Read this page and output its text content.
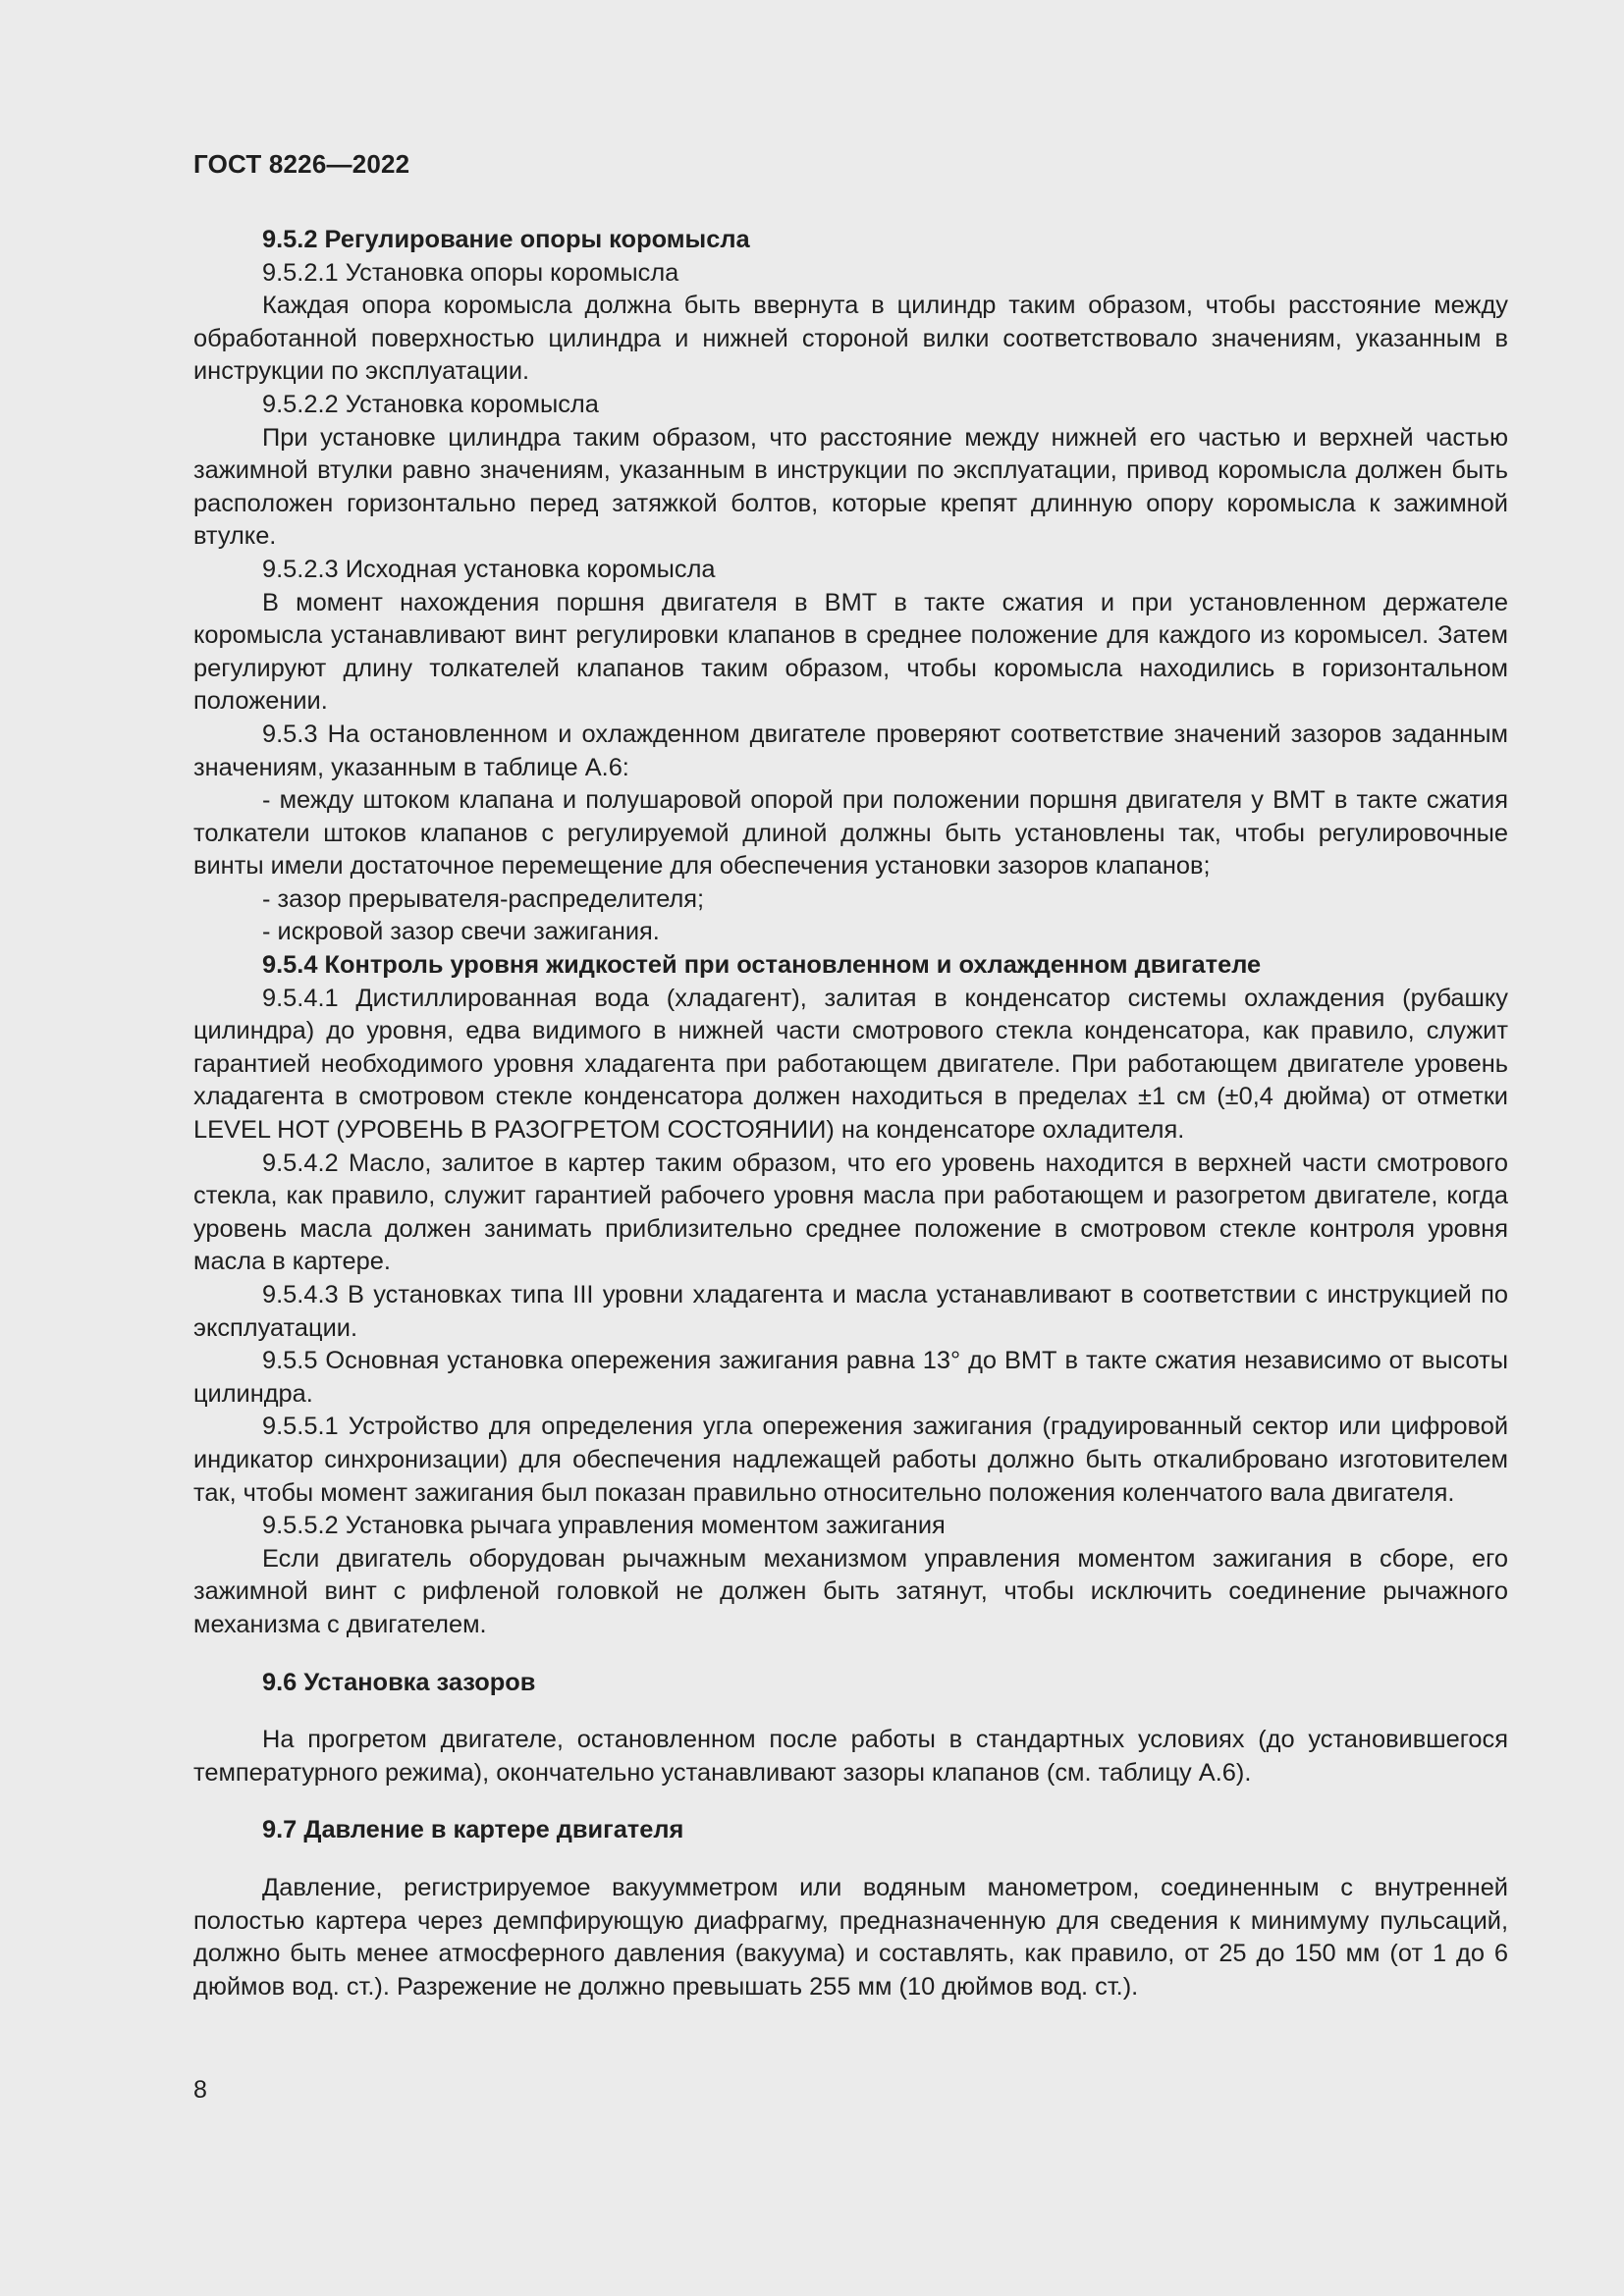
ГОСТ 8226—2022

9.5.2 Регулирование опоры коромысла

9.5.2.1 Установка опоры коромысла

Каждая опора коромысла должна быть ввернута в цилиндр таким образом, чтобы расстояние между обработанной поверхностью цилиндра и нижней стороной вилки соответствовало значениям, указанным в инструкции по эксплуатации.

9.5.2.2 Установка коромысла

При установке цилиндра таким образом, что расстояние между нижней его частью и верхней частью зажимной втулки равно значениям, указанным в инструкции по эксплуатации, привод коромысла должен быть расположен горизонтально перед затяжкой болтов, которые крепят длинную опору коромысла к зажимной втулке.

9.5.2.3 Исходная установка коромысла

В момент нахождения поршня двигателя в ВМТ в такте сжатия и при установленном держателе коромысла устанавливают винт регулировки клапанов в среднее положение для каждого из коромысел. Затем регулируют длину толкателей клапанов таким образом, чтобы коромысла находились в горизонтальном положении.

9.5.3 На остановленном и охлажденном двигателе проверяют соответствие значений зазоров заданным значениям, указанным в таблице А.6:

- между штоком клапана и полушаровой опорой при положении поршня двигателя у ВМТ в такте сжатия толкатели штоков клапанов с регулируемой длиной должны быть установлены так, чтобы регулировочные винты имели достаточное перемещение для обеспечения установки зазоров клапанов;

- зазор прерывателя-распределителя;

- искровой зазор свечи зажигания.

9.5.4 Контроль уровня жидкостей при остановленном и охлажденном двигателе

9.5.4.1 Дистиллированная вода (хладагент), залитая в конденсатор системы охлаждения (рубашку цилиндра) до уровня, едва видимого в нижней части смотрового стекла конденсатора, как правило, служит гарантией необходимого уровня хладагента при работающем двигателе. При работающем двигателе уровень хладагента в смотровом стекле конденсатора должен находиться в пределах ±1 см (±0,4 дюйма) от отметки LEVEL HOT (УРОВЕНЬ В РАЗОГРЕТОМ СОСТОЯНИИ) на конденсаторе охладителя.

9.5.4.2 Масло, залитое в картер таким образом, что его уровень находится в верхней части смотрового стекла, как правило, служит гарантией рабочего уровня масла при работающем и разогретом двигателе, когда уровень масла должен занимать приблизительно среднее положение в смотровом стекле контроля уровня масла в картере.

9.5.4.3 В установках типа III уровни хладагента и масла устанавливают в соответствии с инструкцией по эксплуатации.

9.5.5 Основная установка опережения зажигания равна 13° до ВМТ в такте сжатия независимо от высоты цилиндра.

9.5.5.1 Устройство для определения угла опережения зажигания (градуированный сектор или цифровой индикатор синхронизации) для обеспечения надлежащей работы должно быть откалибровано изготовителем так, чтобы момент зажигания был показан правильно относительно положения коленчатого вала двигателя.

9.5.5.2 Установка рычага управления моментом зажигания

Если двигатель оборудован рычажным механизмом управления моментом зажигания в сборе, его зажимной винт с рифленой головкой не должен быть затянут, чтобы исключить соединение рычажного механизма с двигателем.

9.6 Установка зазоров

На прогретом двигателе, остановленном после работы в стандартных условиях (до установившегося температурного режима), окончательно устанавливают зазоры клапанов (см. таблицу А.6).

9.7 Давление в картере двигателя

Давление, регистрируемое вакуумметром или водяным манометром, соединенным с внутренней полостью картера через демпфирующую диафрагму, предназначенную для сведения к минимуму пульсаций, должно быть менее атмосферного давления (вакуума) и составлять, как правило, от 25 до 150 мм (от 1 до 6 дюймов вод. ст.). Разрежение не должно превышать 255 мм (10 дюймов вод. ст.).

8
